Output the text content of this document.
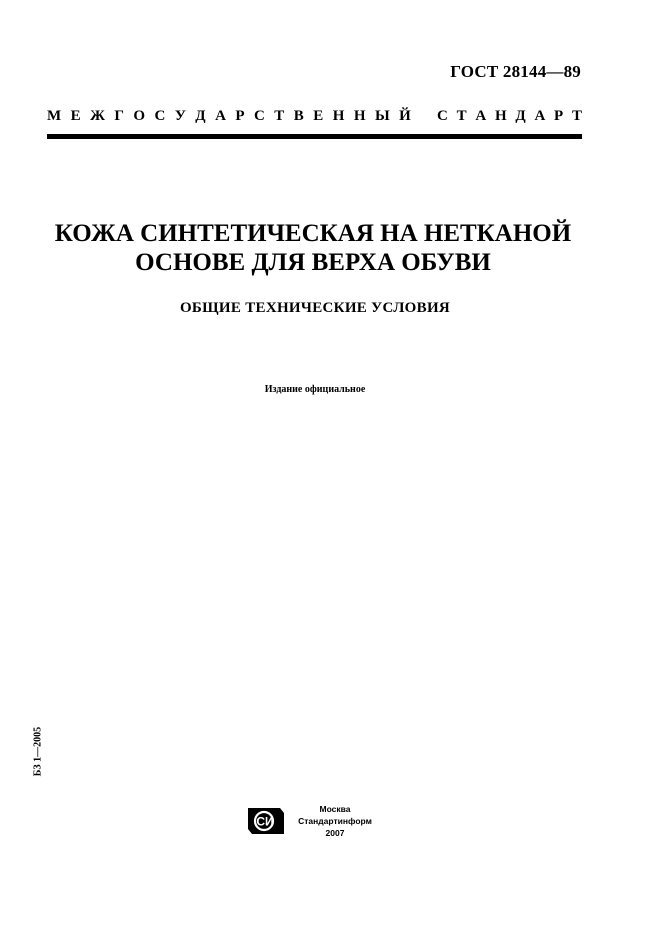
ГОСТ 28144—89
М Е Ж Г О С У Д А Р С Т В Е Н Н Ы Й С Т А Н Д А Р Т
КОЖА СИНТЕТИЧЕСКАЯ НА НЕТКАНОЙ
ОСНОВЕ ДЛЯ ВЕРХА ОБУВИ
ОБЩИЕ ТЕХНИЧЕСКИЕ УСЛОВИЯ
Издание официальное
БЗ 1—2005
СИ
Москва
Стандартинформ
2007
